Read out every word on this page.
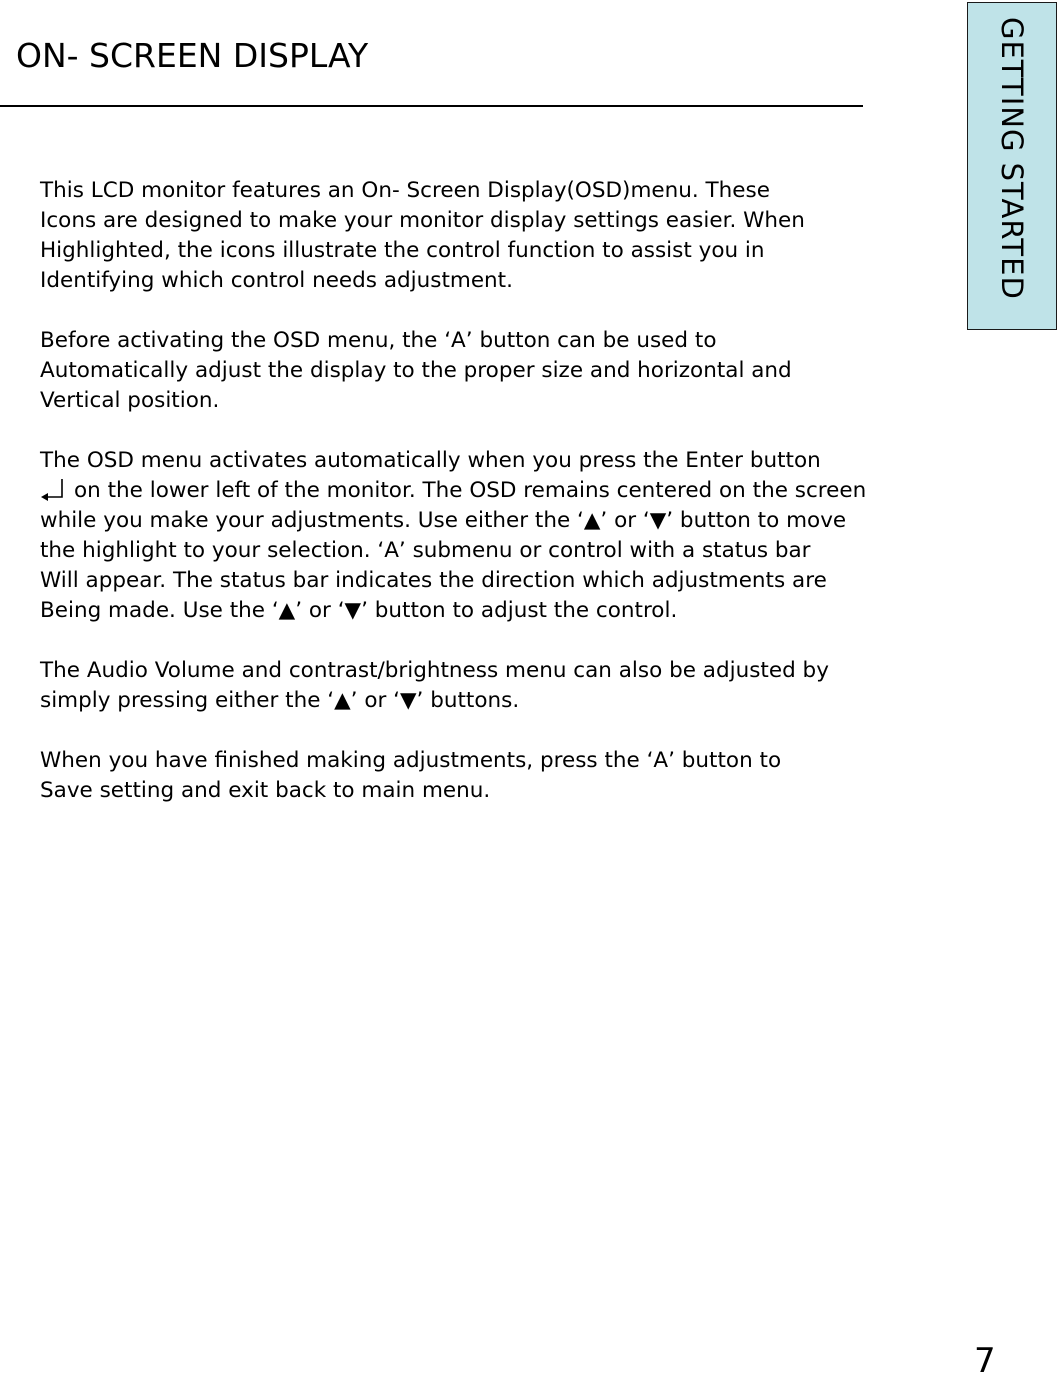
ON- SCREEN DISPLAY	GETTING STARTED

This LCD monitor features an On- Screen Display(OSD)menu. These
Icons are designed to make your monitor display settings easier. When
Highlighted, the icons illustrate the control function to assist you in
Identifying which control needs adjustment.

Before activating the OSD menu, the ‘A’ button can be used to
Automatically adjust the display to the proper size and horizontal and
Vertical position.

The OSD menu activates automatically when you press the Enter button
on the lower left of the monitor. The OSD remains centered on the screen
while you make your adjustments. Use either the ‘▲’ or ‘▼’ button to move
the highlight to your selection. ‘A’ submenu or control with a status bar
Will appear. The status bar indicates the direction which adjustments are
Being made. Use the ‘▲’ or ‘▼’ button to adjust the control.

The Audio Volume and contrast/brightness menu can also be adjusted by
simply pressing either the ‘▲’ or ‘▼’ buttons.

When you have finished making adjustments, press the ‘A’ button to
Save setting and exit back to main menu.

7
